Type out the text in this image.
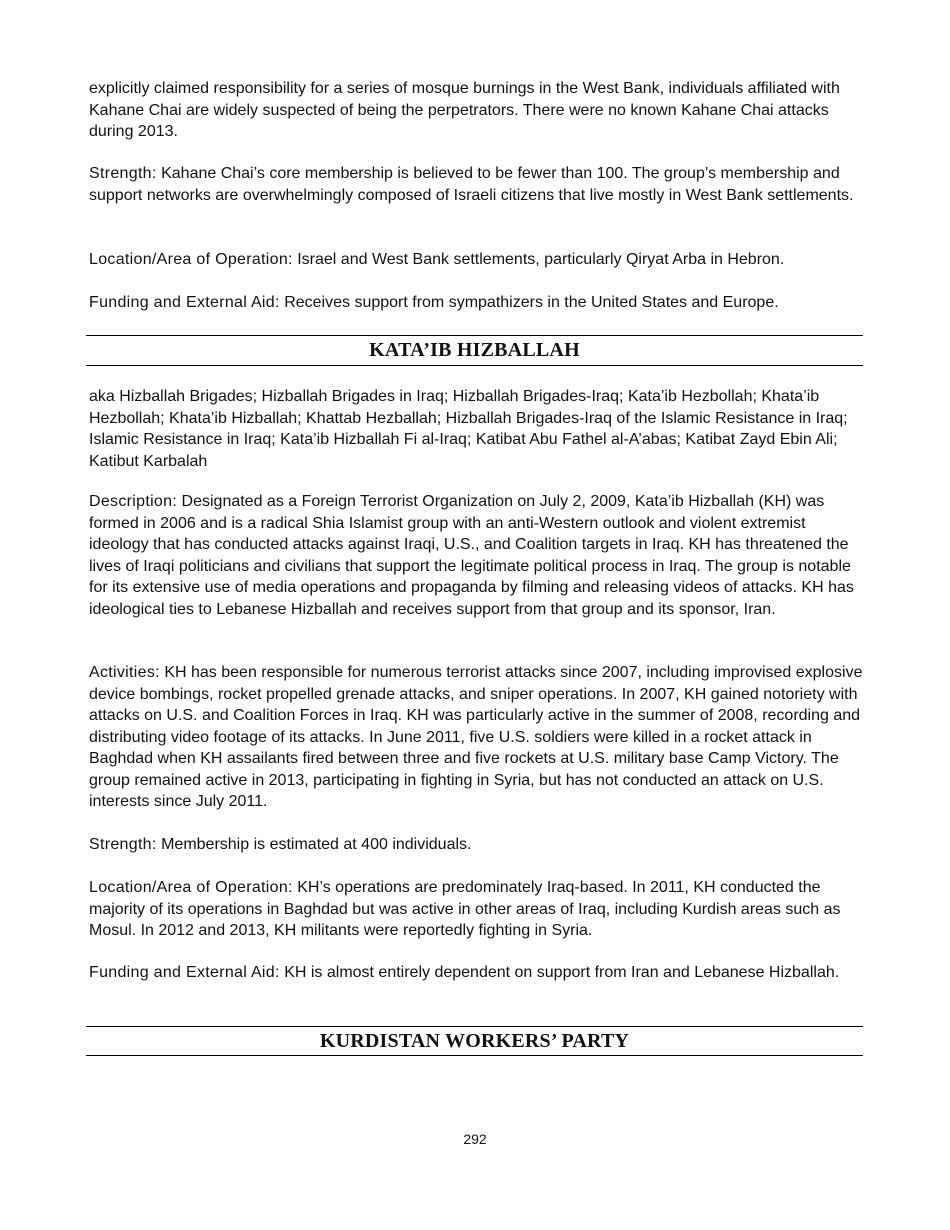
explicitly claimed responsibility for a series of mosque burnings in the West Bank, individuals affiliated with Kahane Chai are widely suspected of being the perpetrators. There were no known Kahane Chai attacks during 2013.

Strength: Kahane Chai’s core membership is believed to be fewer than 100. The group’s membership and support networks are overwhelmingly composed of Israeli citizens that live mostly in West Bank settlements.

Location/Area of Operation: Israel and West Bank settlements, particularly Qiryat Arba in Hebron.

Funding and External Aid: Receives support from sympathizers in the United States and Europe.

aka Hizballah Brigades; Hizballah Brigades in Iraq; Hizballah Brigades-Iraq; Kata’ib Hezbollah; Khata’ib Hezbollah; Khata’ib Hizballah; Khattab Hezballah; Hizballah Brigades-Iraq of the Islamic Resistance in Iraq; Islamic Resistance in Iraq; Kata’ib Hizballah Fi al-Iraq; Katibat Abu Fathel al-A’abas; Katibat Zayd Ebin Ali; Katibut Karbalah

Description: Designated as a Foreign Terrorist Organization on July 2, 2009, Kata’ib Hizballah (KH) was formed in 2006 and is a radical Shia Islamist group with an anti-Western outlook and violent extremist ideology that has conducted attacks against Iraqi, U.S., and Coalition targets in Iraq. KH has threatened the lives of Iraqi politicians and civilians that support the legitimate political process in Iraq. The group is notable for its extensive use of media operations and propaganda by filming and releasing videos of attacks. KH has ideological ties to Lebanese Hizballah and receives support from that group and its sponsor, Iran.

Activities: KH has been responsible for numerous terrorist attacks since 2007, including improvised explosive device bombings, rocket propelled grenade attacks, and sniper operations. In 2007, KH gained notoriety with attacks on U.S. and Coalition Forces in Iraq. KH was particularly active in the summer of 2008, recording and distributing video footage of its attacks. In June 2011, five U.S. soldiers were killed in a rocket attack in Baghdad when KH assailants fired between three and five rockets at U.S. military base Camp Victory. The group remained active in 2013, participating in fighting in Syria, but has not conducted an attack on U.S. interests since July 2011.

Strength: Membership is estimated at 400 individuals.

Location/Area of Operation: KH’s operations are predominately Iraq-based. In 2011, KH conducted the majority of its operations in Baghdad but was active in other areas of Iraq, including Kurdish areas such as Mosul. In 2012 and 2013, KH militants were reportedly fighting in Syria.

Funding and External Aid: KH is almost entirely dependent on support from Iran and Lebanese Hizballah.

KATA’IB HIZBALLAH
KURDISTAN WORKERS’ PARTY
292
